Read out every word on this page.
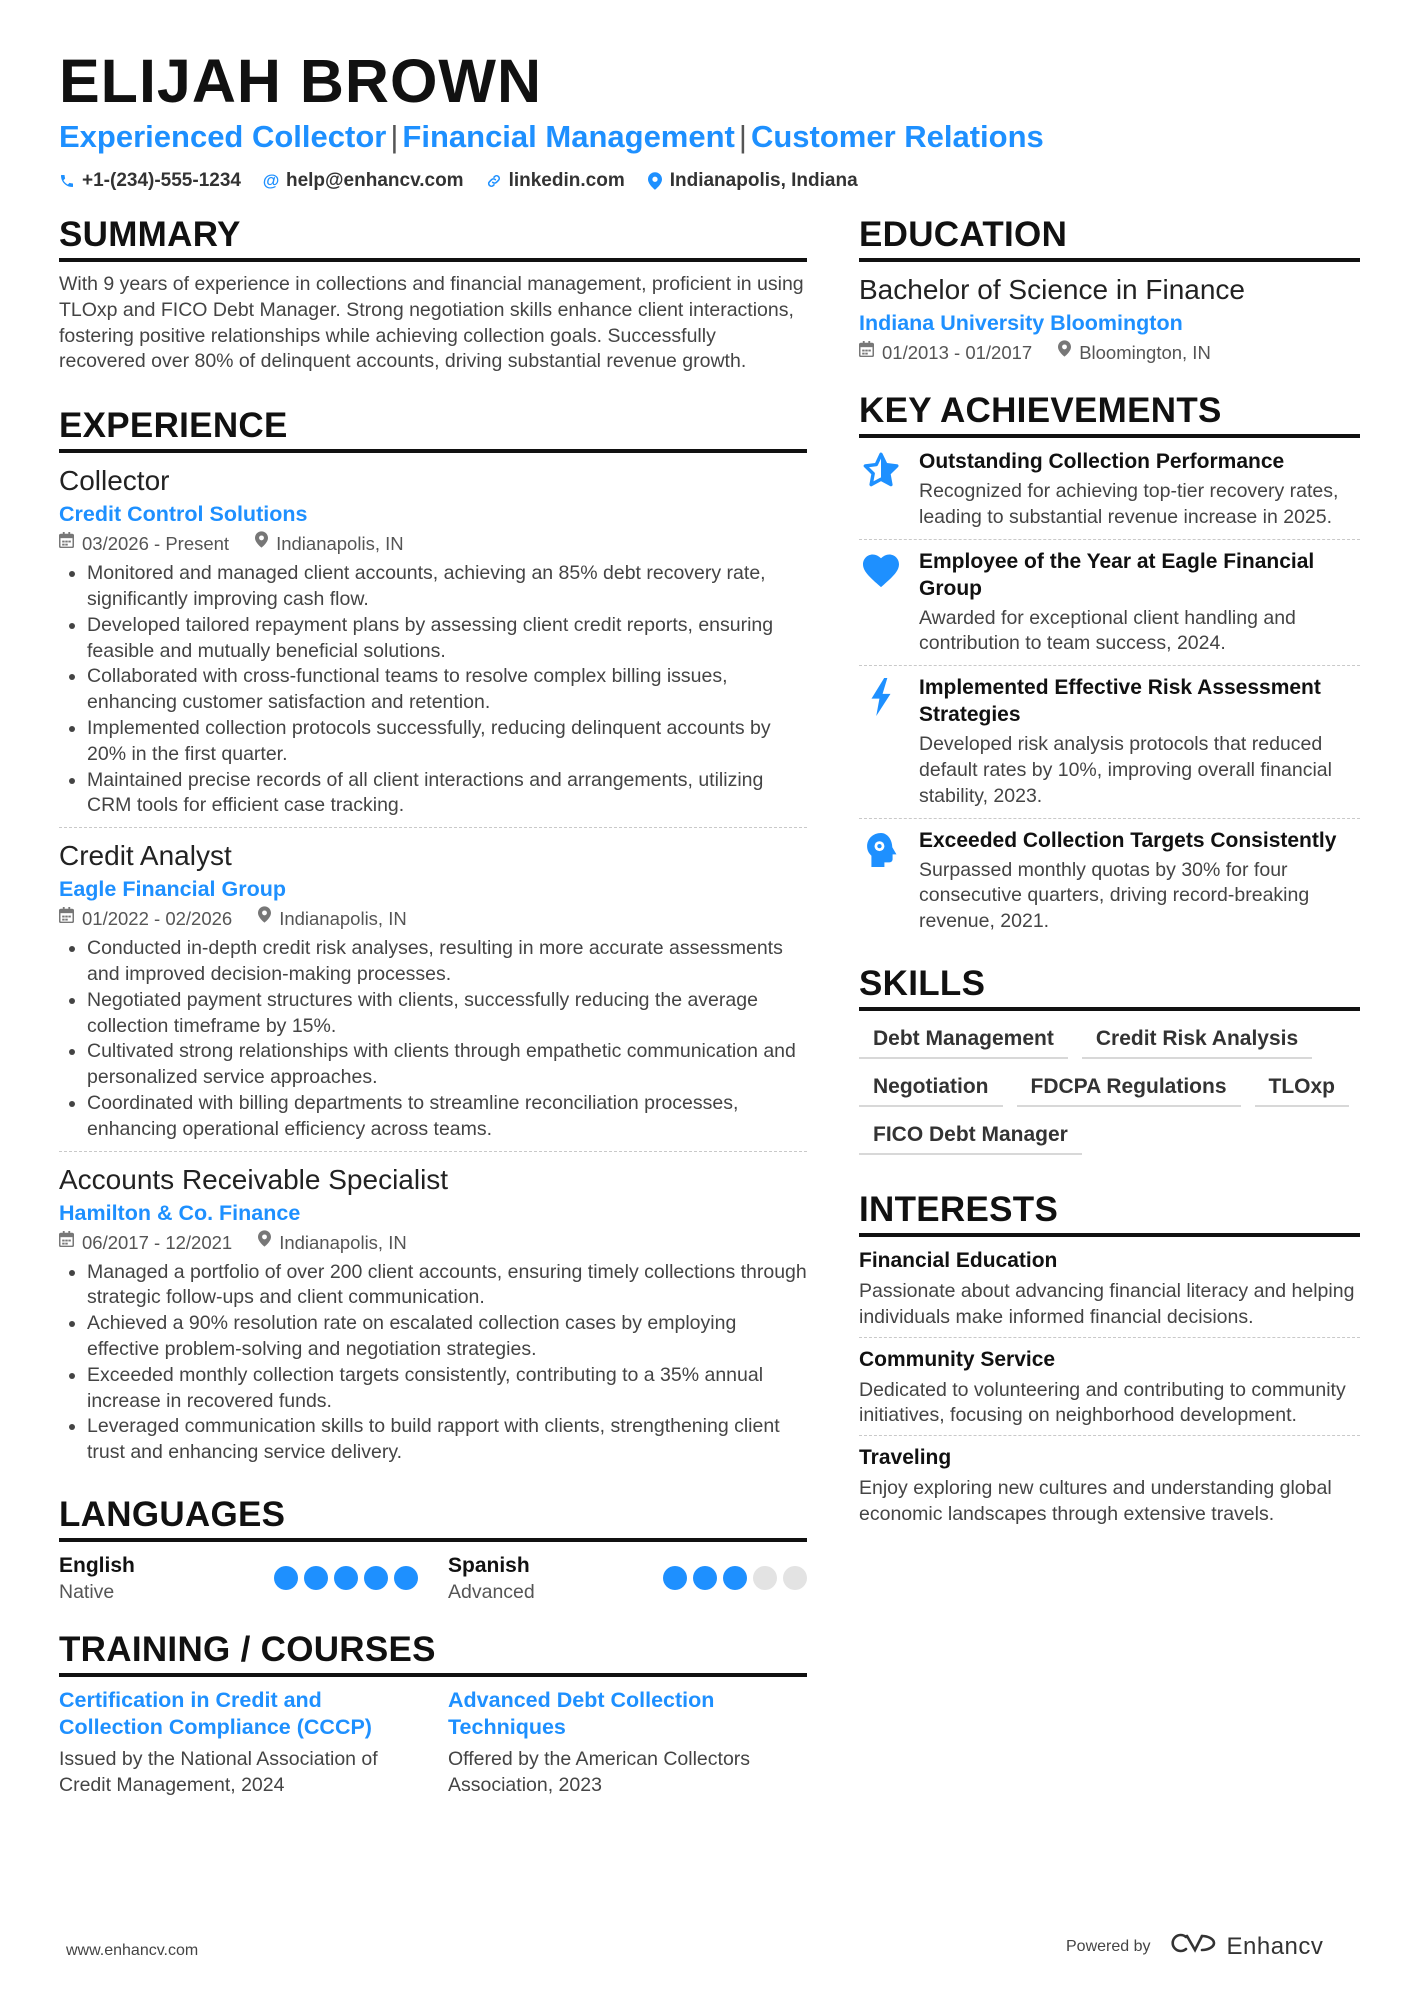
ELIJAH BROWN
Experienced Collector | Financial Management | Customer Relations
+1-(234)-555-1234 @ help@enhancv.com linkedin.com Indianapolis, Indiana
SUMMARY
With 9 years of experience in collections and financial management, proficient in using TLOxp and FICO Debt Manager. Strong negotiation skills enhance client interactions, fostering positive relationships while achieving collection goals. Successfully recovered over 80% of delinquent accounts, driving substantial revenue growth.
EXPERIENCE
Collector
Credit Control Solutions
03/2026 - Present	Indianapolis, IN
• Monitored and managed client accounts, achieving an 85% debt recovery rate, significantly improving cash flow.
• Developed tailored repayment plans by assessing client credit reports, ensuring feasible and mutually beneficial solutions.
• Collaborated with cross-functional teams to resolve complex billing issues, enhancing customer satisfaction and retention.
• Implemented collection protocols successfully, reducing delinquent accounts by 20% in the first quarter.
• Maintained precise records of all client interactions and arrangements, utilizing CRM tools for efficient case tracking.
Credit Analyst
Eagle Financial Group
01/2022 - 02/2026	Indianapolis, IN
• Conducted in-depth credit risk analyses, resulting in more accurate assessments and improved decision-making processes.
• Negotiated payment structures with clients, successfully reducing the average collection timeframe by 15%.
• Cultivated strong relationships with clients through empathetic communication and personalized service approaches.
• Coordinated with billing departments to streamline reconciliation processes, enhancing operational efficiency across teams.
Accounts Receivable Specialist
Hamilton & Co. Finance
06/2017 - 12/2021	Indianapolis, IN
• Managed a portfolio of over 200 client accounts, ensuring timely collections through strategic follow-ups and client communication.
• Achieved a 90% resolution rate on escalated collection cases by employing effective problem-solving and negotiation strategies.
• Exceeded monthly collection targets consistently, contributing to a 35% annual increase in recovered funds.
• Leveraged communication skills to build rapport with clients, strengthening client trust and enhancing service delivery.
LANGUAGES
English
Native
Spanish
Advanced
TRAINING / COURSES
Certification in Credit and Collection Compliance (CCCP)
Issued by the National Association of Credit Management, 2024
Advanced Debt Collection Techniques
Offered by the American Collectors Association, 2023
EDUCATION
Bachelor of Science in Finance
Indiana University Bloomington
01/2013 - 01/2017	Bloomington, IN
KEY ACHIEVEMENTS
Outstanding Collection Performance
Recognized for achieving top-tier recovery rates, leading to substantial revenue increase in 2025.
Employee of the Year at Eagle Financial Group
Awarded for exceptional client handling and contribution to team success, 2024.
Implemented Effective Risk Assessment Strategies
Developed risk analysis protocols that reduced default rates by 10%, improving overall financial stability, 2023.
Exceeded Collection Targets Consistently
Surpassed monthly quotas by 30% for four consecutive quarters, driving record-breaking revenue, 2021.
SKILLS
Debt Management	Credit Risk Analysis
Negotiation	FDCPA Regulations	TLOxp
FICO Debt Manager
INTERESTS
Financial Education
Passionate about advancing financial literacy and helping individuals make informed financial decisions.
Community Service
Dedicated to volunteering and contributing to community initiatives, focusing on neighborhood development.
Traveling
Enjoy exploring new cultures and understanding global economic landscapes through extensive travels.
www.enhancv.com	Powered by	Enhancv
